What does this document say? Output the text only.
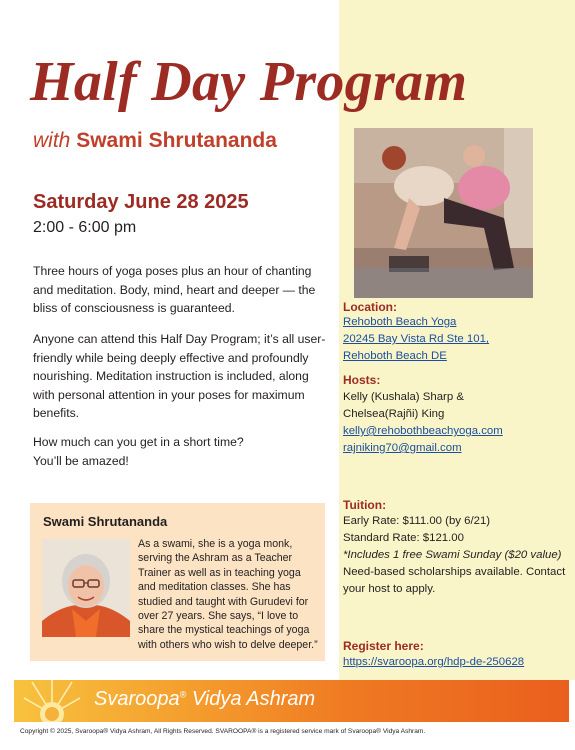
Half Day Program
with Swami Shrutananda
Saturday June 28 2025
2:00 - 6:00 pm

Three hours of yoga poses plus an hour of chanting and meditation. Body, mind, heart and deeper — the bliss of consciousness is guaranteed.

Anyone can attend this Half Day Program; it’s all user-friendly while being deeply effective and profoundly nourishing. Meditation instruction is included, along with personal attention in your poses for maximum benefits.

How much can you get in a short time?
You’ll be amazed!
Swami Shrutananda

As a swami, she is a yoga monk, serving the Ashram as a Teacher Trainer as well as in teaching yoga and meditation classes. She has studied and taught with Gurudevi for over 27 years. She says, “I love to share the mystical teachings of yoga with others who wish to delve deeper.”

Location:
Rehoboth Beach Yoga
20245 Bay Vista Rd Ste 101,
Rehoboth Beach DE
Hosts:
Kelly (Kushala) Sharp &
Chelsea(Rajñi) King
kelly@rehobothbeachyoga.com
rajniking70@gmail.com
Tuition:
Early Rate: $111.00 (by 6/21)
Standard Rate: $121.00
*Includes 1 free Swami Sunday ($20 value)
Need-based scholarships available. Contact
your host to apply.
Register here:
https://svaroopa.org/hdp-de-250628
Svaroopa® Vidya Ashram
Copyright © 2025, Svaroopa® Vidya Ashram, All Rights Reserved. SVAROOPA® is a registered service mark of Svaroopa® Vidya Ashram.
